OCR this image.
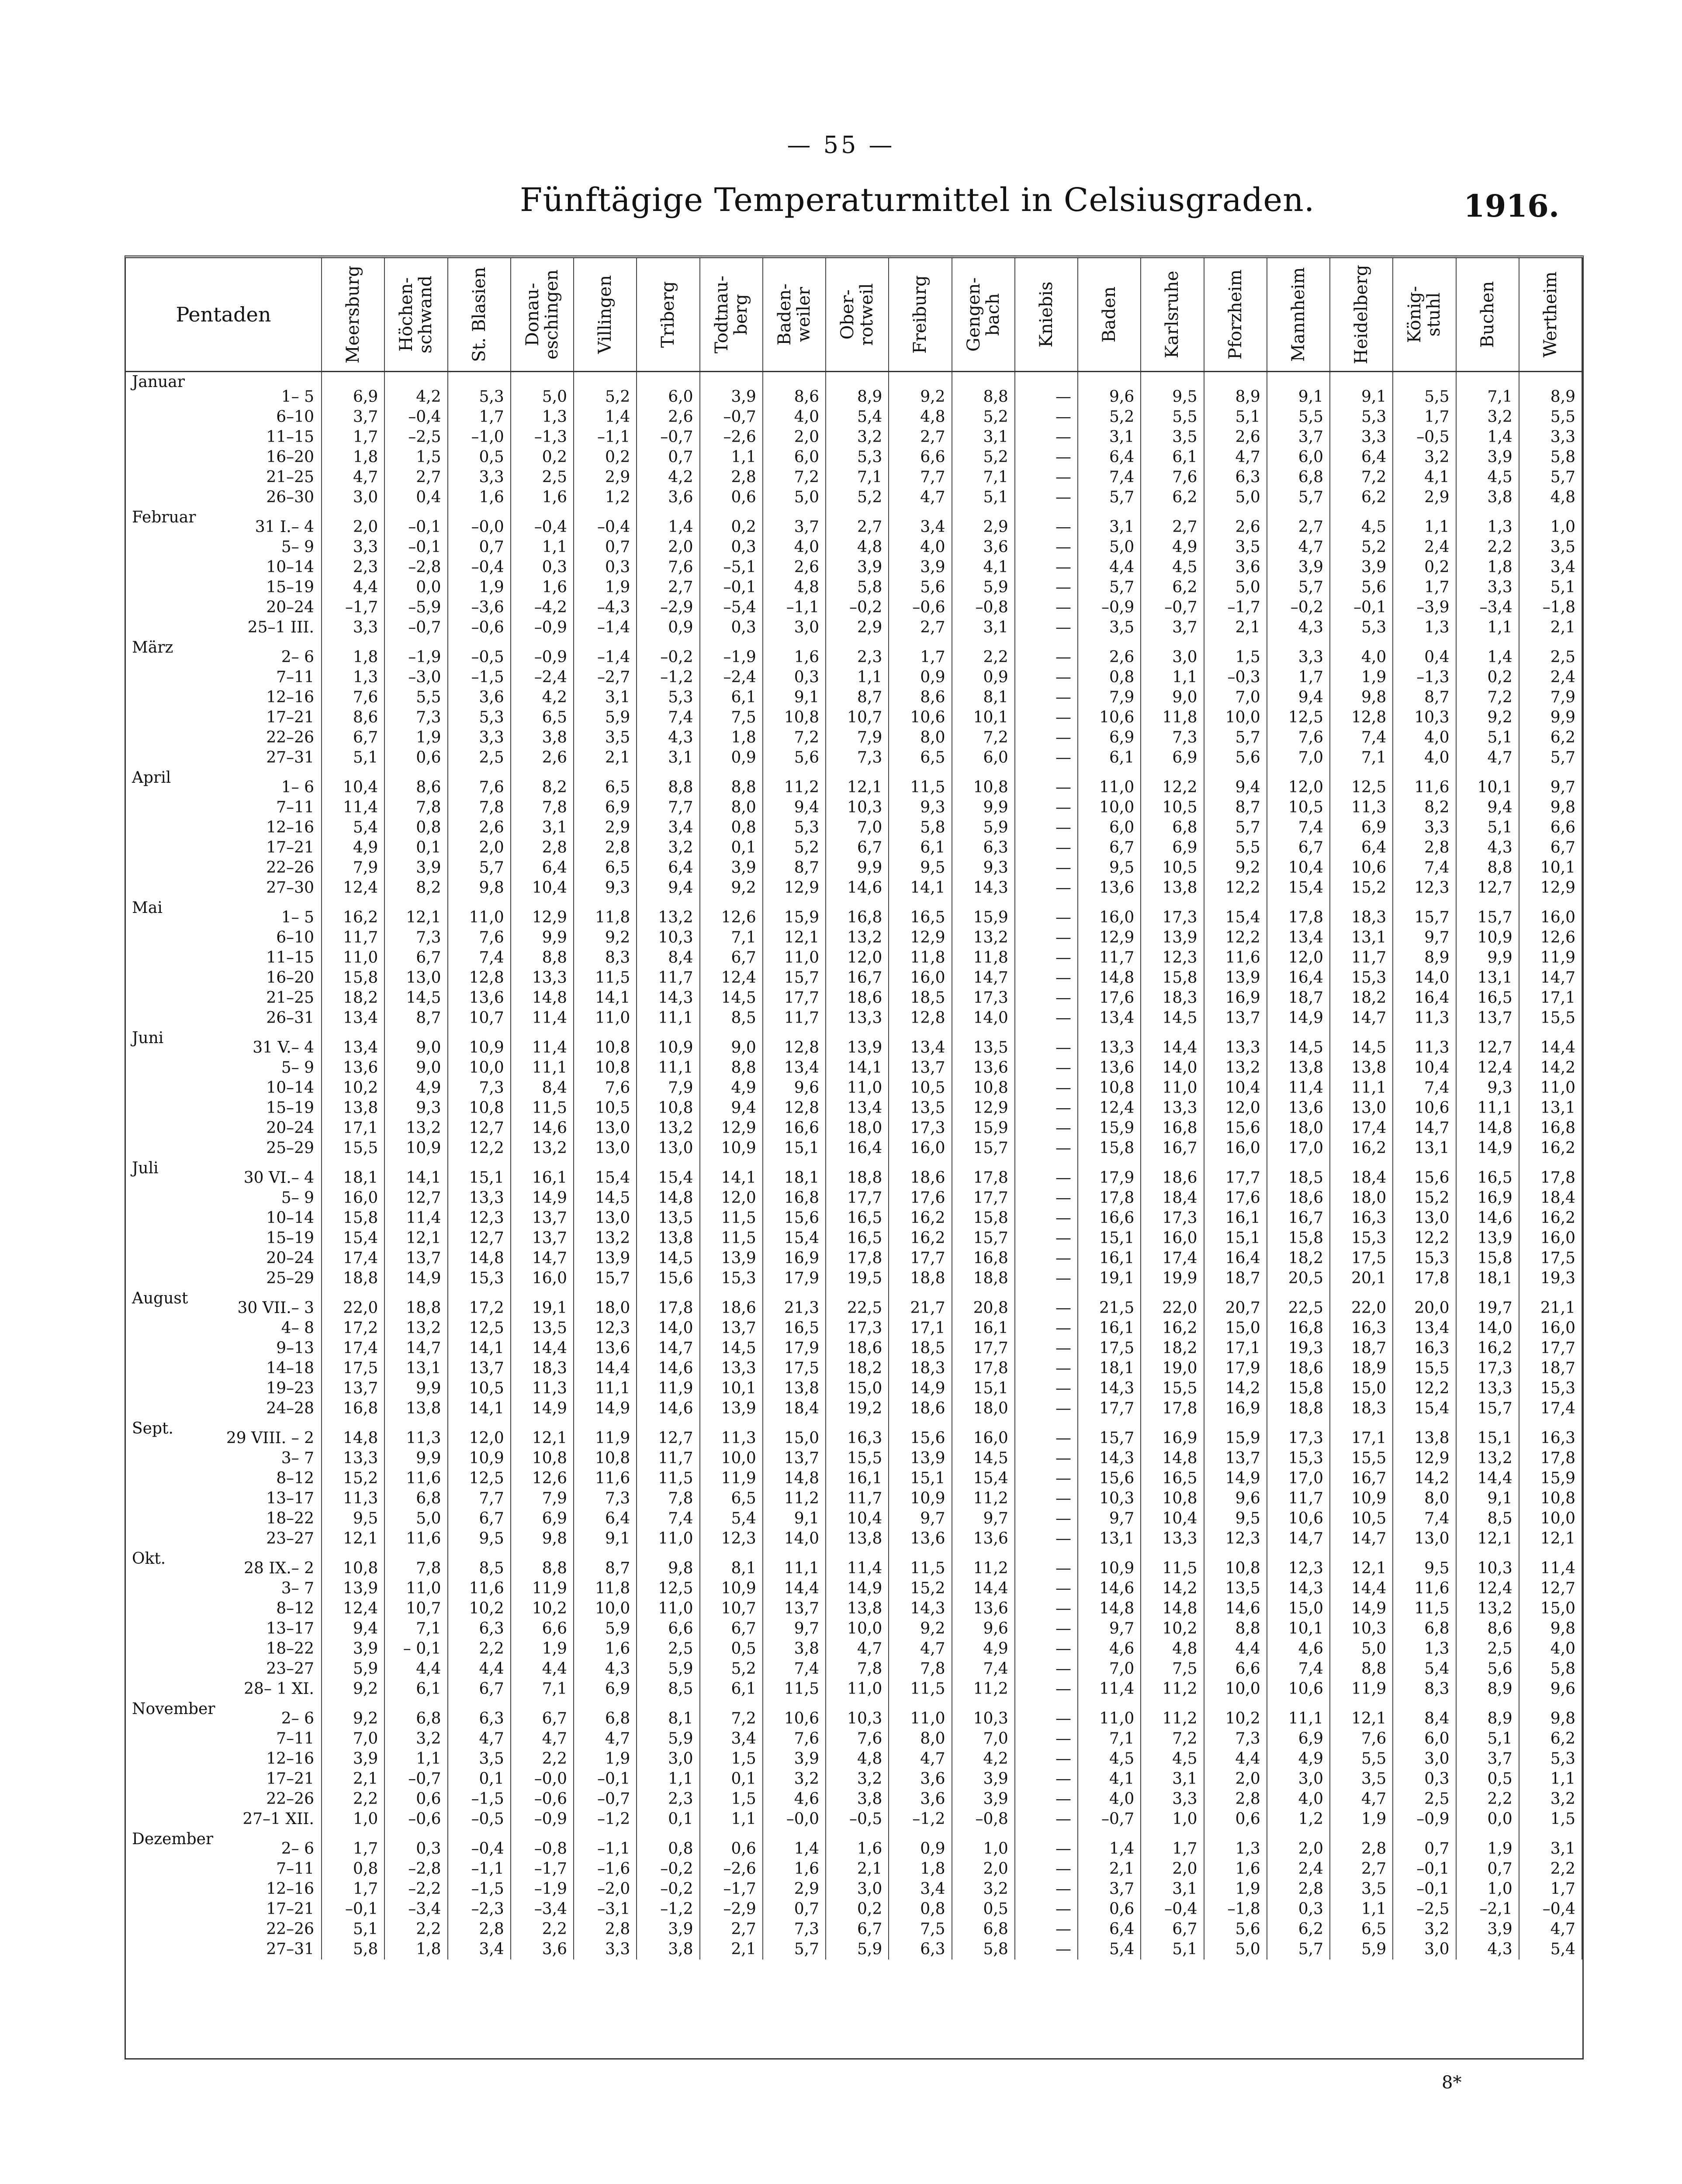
— 55 —
Fünftägige Temperaturmittel in Celsiusgraden.	1916.
Pentaden	Meersburg	Höchen-
schwand	St. Blasien	Donau-
eschingen	Villingen	Triberg	Todtnau-
berg	Baden-
weiler	Ober-
rotweil	Freiburg	Gengen-
bach	Kniebis	Baden	Karlsruhe	Pforzheim	Mannheim	Heidelberg	König-
stuhl	Buchen	Wertheim

Januar
1– 5	6,9	4,2	5,3	5,0	5,2	6,0	3,9	8,6	8,9	9,2	8,8	—	9,6	9,5	8,9	9,1	9,1	5,5	7,1	8,9
6–10	3,7	–0,4	1,7	1,3	1,4	2,6	–0,7	4,0	5,4	4,8	5,2	—	5,2	5,5	5,1	5,5	5,3	1,7	3,2	5,5
11–15	1,7	–2,5	–1,0	–1,3	–1,1	–0,7	–2,6	2,0	3,2	2,7	3,1	—	3,1	3,5	2,6	3,7	3,3	–0,5	1,4	3,3
16–20	1,8	1,5	0,5	0,2	0,2	0,7	1,1	6,0	5,3	6,6	5,2	—	6,4	6,1	4,7	6,0	6,4	3,2	3,9	5,8
21–25	4,7	2,7	3,3	2,5	2,9	4,2	2,8	7,2	7,1	7,7	7,1	—	7,4	7,6	6,3	6,8	7,2	4,1	4,5	5,7
26–30	3,0	0,4	1,6	1,6	1,2	3,6	0,6	5,0	5,2	4,7	5,1	—	5,7	6,2	5,0	5,7	6,2	2,9	3,8	4,8

Februar
31 I.– 4	2,0	–0,1	–0,0	–0,4	–0,4	1,4	0,2	3,7	2,7	3,4	2,9	—	3,1	2,7	2,6	2,7	4,5	1,1	1,3	1,0
5– 9	3,3	–0,1	0,7	1,1	0,7	2,0	0,3	4,0	4,8	4,0	3,6	—	5,0	4,9	3,5	4,7	5,2	2,4	2,2	3,5
10–14	2,3	–2,8	–0,4	0,3	0,3	7,6	–5,1	2,6	3,9	3,9	4,1	—	4,4	4,5	3,6	3,9	3,9	0,2	1,8	3,4
15–19	4,4	0,0	1,9	1,6	1,9	2,7	–0,1	4,8	5,8	5,6	5,9	—	5,7	6,2	5,0	5,7	5,6	1,7	3,3	5,1
20–24	–1,7	–5,9	–3,6	–4,2	–4,3	–2,9	–5,4	–1,1	–0,2	–0,6	–0,8	—	–0,9	–0,7	–1,7	–0,2	–0,1	–3,9	–3,4	–1,8
25–1 III.	3,3	–0,7	–0,6	–0,9	–1,4	0,9	0,3	3,0	2,9	2,7	3,1	—	3,5	3,7	2,1	4,3	5,3	1,3	1,1	2,1

März
2– 6	1,8	–1,9	–0,5	–0,9	–1,4	–0,2	–1,9	1,6	2,3	1,7	2,2	—	2,6	3,0	1,5	3,3	4,0	0,4	1,4	2,5
7–11	1,3	–3,0	–1,5	–2,4	–2,7	–1,2	–2,4	0,3	1,1	0,9	0,9	—	0,8	1,1	–0,3	1,7	1,9	–1,3	0,2	2,4
12–16	7,6	5,5	3,6	4,2	3,1	5,3	6,1	9,1	8,7	8,6	8,1	—	7,9	9,0	7,0	9,4	9,8	8,7	7,2	7,9
17–21	8,6	7,3	5,3	6,5	5,9	7,4	7,5	10,8	10,7	10,6	10,1	—	10,6	11,8	10,0	12,5	12,8	10,3	9,2	9,9
22–26	6,7	1,9	3,3	3,8	3,5	4,3	1,8	7,2	7,9	8,0	7,2	—	6,9	7,3	5,7	7,6	7,4	4,0	5,1	6,2
27–31	5,1	0,6	2,5	2,6	2,1	3,1	0,9	5,6	7,3	6,5	6,0	—	6,1	6,9	5,6	7,0	7,1	4,0	4,7	5,7

April
1– 6	10,4	8,6	7,6	8,2	6,5	8,8	8,8	11,2	12,1	11,5	10,8	—	11,0	12,2	9,4	12,0	12,5	11,6	10,1	9,7
7–11	11,4	7,8	7,8	7,8	6,9	7,7	8,0	9,4	10,3	9,3	9,9	—	10,0	10,5	8,7	10,5	11,3	8,2	9,4	9,8
12–16	5,4	0,8	2,6	3,1	2,9	3,4	0,8	5,3	7,0	5,8	5,9	—	6,0	6,8	5,7	7,4	6,9	3,3	5,1	6,6
17–21	4,9	0,1	2,0	2,8	2,8	3,2	0,1	5,2	6,7	6,1	6,3	—	6,7	6,9	5,5	6,7	6,4	2,8	4,3	6,7
22–26	7,9	3,9	5,7	6,4	6,5	6,4	3,9	8,7	9,9	9,5	9,3	—	9,5	10,5	9,2	10,4	10,6	7,4	8,8	10,1
27–30	12,4	8,2	9,8	10,4	9,3	9,4	9,2	12,9	14,6	14,1	14,3	—	13,6	13,8	12,2	15,4	15,2	12,3	12,7	12,9

Mai
1– 5	16,2	12,1	11,0	12,9	11,8	13,2	12,6	15,9	16,8	16,5	15,9	—	16,0	17,3	15,4	17,8	18,3	15,7	15,7	16,0
6–10	11,7	7,3	7,6	9,9	9,2	10,3	7,1	12,1	13,2	12,9	13,2	—	12,9	13,9	12,2	13,4	13,1	9,7	10,9	12,6
11–15	11,0	6,7	7,4	8,8	8,3	8,4	6,7	11,0	12,0	11,8	11,8	—	11,7	12,3	11,6	12,0	11,7	8,9	9,9	11,9
16–20	15,8	13,0	12,8	13,3	11,5	11,7	12,4	15,7	16,7	16,0	14,7	—	14,8	15,8	13,9	16,4	15,3	14,0	13,1	14,7
21–25	18,2	14,5	13,6	14,8	14,1	14,3	14,5	17,7	18,6	18,5	17,3	—	17,6	18,3	16,9	18,7	18,2	16,4	16,5	17,1
26–31	13,4	8,7	10,7	11,4	11,0	11,1	8,5	11,7	13,3	12,8	14,0	—	13,4	14,5	13,7	14,9	14,7	11,3	13,7	15,5

Juni
31 V.– 4	13,4	9,0	10,9	11,4	10,8	10,9	9,0	12,8	13,9	13,4	13,5	—	13,3	14,4	13,3	14,5	14,5	11,3	12,7	14,4
5– 9	13,6	9,0	10,0	11,1	10,8	11,1	8,8	13,4	14,1	13,7	13,6	—	13,6	14,0	13,2	13,8	13,8	10,4	12,4	14,2
10–14	10,2	4,9	7,3	8,4	7,6	7,9	4,9	9,6	11,0	10,5	10,8	—	10,8	11,0	10,4	11,4	11,1	7,4	9,3	11,0
15–19	13,8	9,3	10,8	11,5	10,5	10,8	9,4	12,8	13,4	13,5	12,9	—	12,4	13,3	12,0	13,6	13,0	10,6	11,1	13,1
20–24	17,1	13,2	12,7	14,6	13,0	13,2	12,9	16,6	18,0	17,3	15,9	—	15,9	16,8	15,6	18,0	17,4	14,7	14,8	16,8
25–29	15,5	10,9	12,2	13,2	13,0	13,0	10,9	15,1	16,4	16,0	15,7	—	15,8	16,7	16,0	17,0	16,2	13,1	14,9	16,2

Juli
30 VI.– 4	18,1	14,1	15,1	16,1	15,4	15,4	14,1	18,1	18,8	18,6	17,8	—	17,9	18,6	17,7	18,5	18,4	15,6	16,5	17,8
5– 9	16,0	12,7	13,3	14,9	14,5	14,8	12,0	16,8	17,7	17,6	17,7	—	17,8	18,4	17,6	18,6	18,0	15,2	16,9	18,4
10–14	15,8	11,4	12,3	13,7	13,0	13,5	11,5	15,6	16,5	16,2	15,8	—	16,6	17,3	16,1	16,7	16,3	13,0	14,6	16,2
15–19	15,4	12,1	12,7	13,7	13,2	13,8	11,5	15,4	16,5	16,2	15,7	—	15,1	16,0	15,1	15,8	15,3	12,2	13,9	16,0
20–24	17,4	13,7	14,8	14,7	13,9	14,5	13,9	16,9	17,8	17,7	16,8	—	16,1	17,4	16,4	18,2	17,5	15,3	15,8	17,5
25–29	18,8	14,9	15,3	16,0	15,7	15,6	15,3	17,9	19,5	18,8	18,8	—	19,1	19,9	18,7	20,5	20,1	17,8	18,1	19,3

August
30 VII.– 3	22,0	18,8	17,2	19,1	18,0	17,8	18,6	21,3	22,5	21,7	20,8	—	21,5	22,0	20,7	22,5	22,0	20,0	19,7	21,1
4– 8	17,2	13,2	12,5	13,5	12,3	14,0	13,7	16,5	17,3	17,1	16,1	—	16,1	16,2	15,0	16,8	16,3	13,4	14,0	16,0
9–13	17,4	14,7	14,1	14,4	13,6	14,7	14,5	17,9	18,6	18,5	17,7	—	17,5	18,2	17,1	19,3	18,7	16,3	16,2	17,7
14–18	17,5	13,1	13,7	18,3	14,4	14,6	13,3	17,5	18,2	18,3	17,8	—	18,1	19,0	17,9	18,6	18,9	15,5	17,3	18,7
19–23	13,7	9,9	10,5	11,3	11,1	11,9	10,1	13,8	15,0	14,9	15,1	—	14,3	15,5	14,2	15,8	15,0	12,2	13,3	15,3
24–28	16,8	13,8	14,1	14,9	14,9	14,6	13,9	18,4	19,2	18,6	18,0	—	17,7	17,8	16,9	18,8	18,3	15,4	15,7	17,4

Sept.
29 VIII. – 2	14,8	11,3	12,0	12,1	11,9	12,7	11,3	15,0	16,3	15,6	16,0	—	15,7	16,9	15,9	17,3	17,1	13,8	15,1	16,3
3– 7	13,3	9,9	10,9	10,8	10,8	11,7	10,0	13,7	15,5	13,9	14,5	—	14,3	14,8	13,7	15,3	15,5	12,9	13,2	17,8
8–12	15,2	11,6	12,5	12,6	11,6	11,5	11,9	14,8	16,1	15,1	15,4	—	15,6	16,5	14,9	17,0	16,7	14,2	14,4	15,9
13–17	11,3	6,8	7,7	7,9	7,3	7,8	6,5	11,2	11,7	10,9	11,2	—	10,3	10,8	9,6	11,7	10,9	8,0	9,1	10,8
18–22	9,5	5,0	6,7	6,9	6,4	7,4	5,4	9,1	10,4	9,7	9,7	—	9,7	10,4	9,5	10,6	10,5	7,4	8,5	10,0
23–27	12,1	11,6	9,5	9,8	9,1	11,0	12,3	14,0	13,8	13,6	13,6	—	13,1	13,3	12,3	14,7	14,7	13,0	12,1	12,1

Okt.
28 IX.– 2	10,8	7,8	8,5	8,8	8,7	9,8	8,1	11,1	11,4	11,5	11,2	—	10,9	11,5	10,8	12,3	12,1	9,5	10,3	11,4
3– 7	13,9	11,0	11,6	11,9	11,8	12,5	10,9	14,4	14,9	15,2	14,4	—	14,6	14,2	13,5	14,3	14,4	11,6	12,4	12,7
8–12	12,4	10,7	10,2	10,2	10,0	11,0	10,7	13,7	13,8	14,3	13,6	—	14,8	14,8	14,6	15,0	14,9	11,5	13,2	15,0
13–17	9,4	7,1	6,3	6,6	5,9	6,6	6,7	9,7	10,0	9,2	9,6	—	9,7	10,2	8,8	10,1	10,3	6,8	8,6	9,8
18–22	3,9	– 0,1	2,2	1,9	1,6	2,5	0,5	3,8	4,7	4,7	4,9	—	4,6	4,8	4,4	4,6	5,0	1,3	2,5	4,0
23–27	5,9	4,4	4,4	4,4	4,3	5,9	5,2	7,4	7,8	7,8	7,4	—	7,0	7,5	6,6	7,4	8,8	5,4	5,6	5,8
28– 1 XI.	9,2	6,1	6,7	7,1	6,9	8,5	6,1	11,5	11,0	11,5	11,2	—	11,4	11,2	10,0	10,6	11,9	8,3	8,9	9,6

November
2– 6	9,2	6,8	6,3	6,7	6,8	8,1	7,2	10,6	10,3	11,0	10,3	—	11,0	11,2	10,2	11,1	12,1	8,4	8,9	9,8
7–11	7,0	3,2	4,7	4,7	4,7	5,9	3,4	7,6	7,6	8,0	7,0	—	7,1	7,2	7,3	6,9	7,6	6,0	5,1	6,2
12–16	3,9	1,1	3,5	2,2	1,9	3,0	1,5	3,9	4,8	4,7	4,2	—	4,5	4,5	4,4	4,9	5,5	3,0	3,7	5,3
17–21	2,1	–0,7	0,1	–0,0	–0,1	1,1	0,1	3,2	3,2	3,6	3,9	—	4,1	3,1	2,0	3,0	3,5	0,3	0,5	1,1
22–26	2,2	0,6	–1,5	–0,6	–0,7	2,3	1,5	4,6	3,8	3,6	3,9	—	4,0	3,3	2,8	4,0	4,7	2,5	2,2	3,2
27–1 XII.	1,0	–0,6	–0,5	–0,9	–1,2	0,1	1,1	–0,0	–0,5	–1,2	–0,8	—	–0,7	1,0	0,6	1,2	1,9	–0,9	0,0	1,5

Dezember
2– 6	1,7	0,3	–0,4	–0,8	–1,1	0,8	0,6	1,4	1,6	0,9	1,0	—	1,4	1,7	1,3	2,0	2,8	0,7	1,9	3,1
7–11	0,8	–2,8	–1,1	–1,7	–1,6	–0,2	–2,6	1,6	2,1	1,8	2,0	—	2,1	2,0	1,6	2,4	2,7	–0,1	0,7	2,2
12–16	1,7	–2,2	–1,5	–1,9	–2,0	–0,2	–1,7	2,9	3,0	3,4	3,2	—	3,7	3,1	1,9	2,8	3,5	–0,1	1,0	1,7
17–21	–0,1	–3,4	–2,3	–3,4	–3,1	–1,2	–2,9	0,7	0,2	0,8	0,5	—	0,6	–0,4	–1,8	0,3	1,1	–2,5	–2,1	–0,4
22–26	5,1	2,2	2,8	2,2	2,8	3,9	2,7	7,3	6,7	7,5	6,8	—	6,4	6,7	5,6	6,2	6,5	3,2	3,9	4,7
27–31	5,8	1,8	3,4	3,6	3,3	3,8	2,1	5,7	5,9	6,3	5,8	—	5,4	5,1	5,0	5,7	5,9	3,0	4,3	5,4
8*
